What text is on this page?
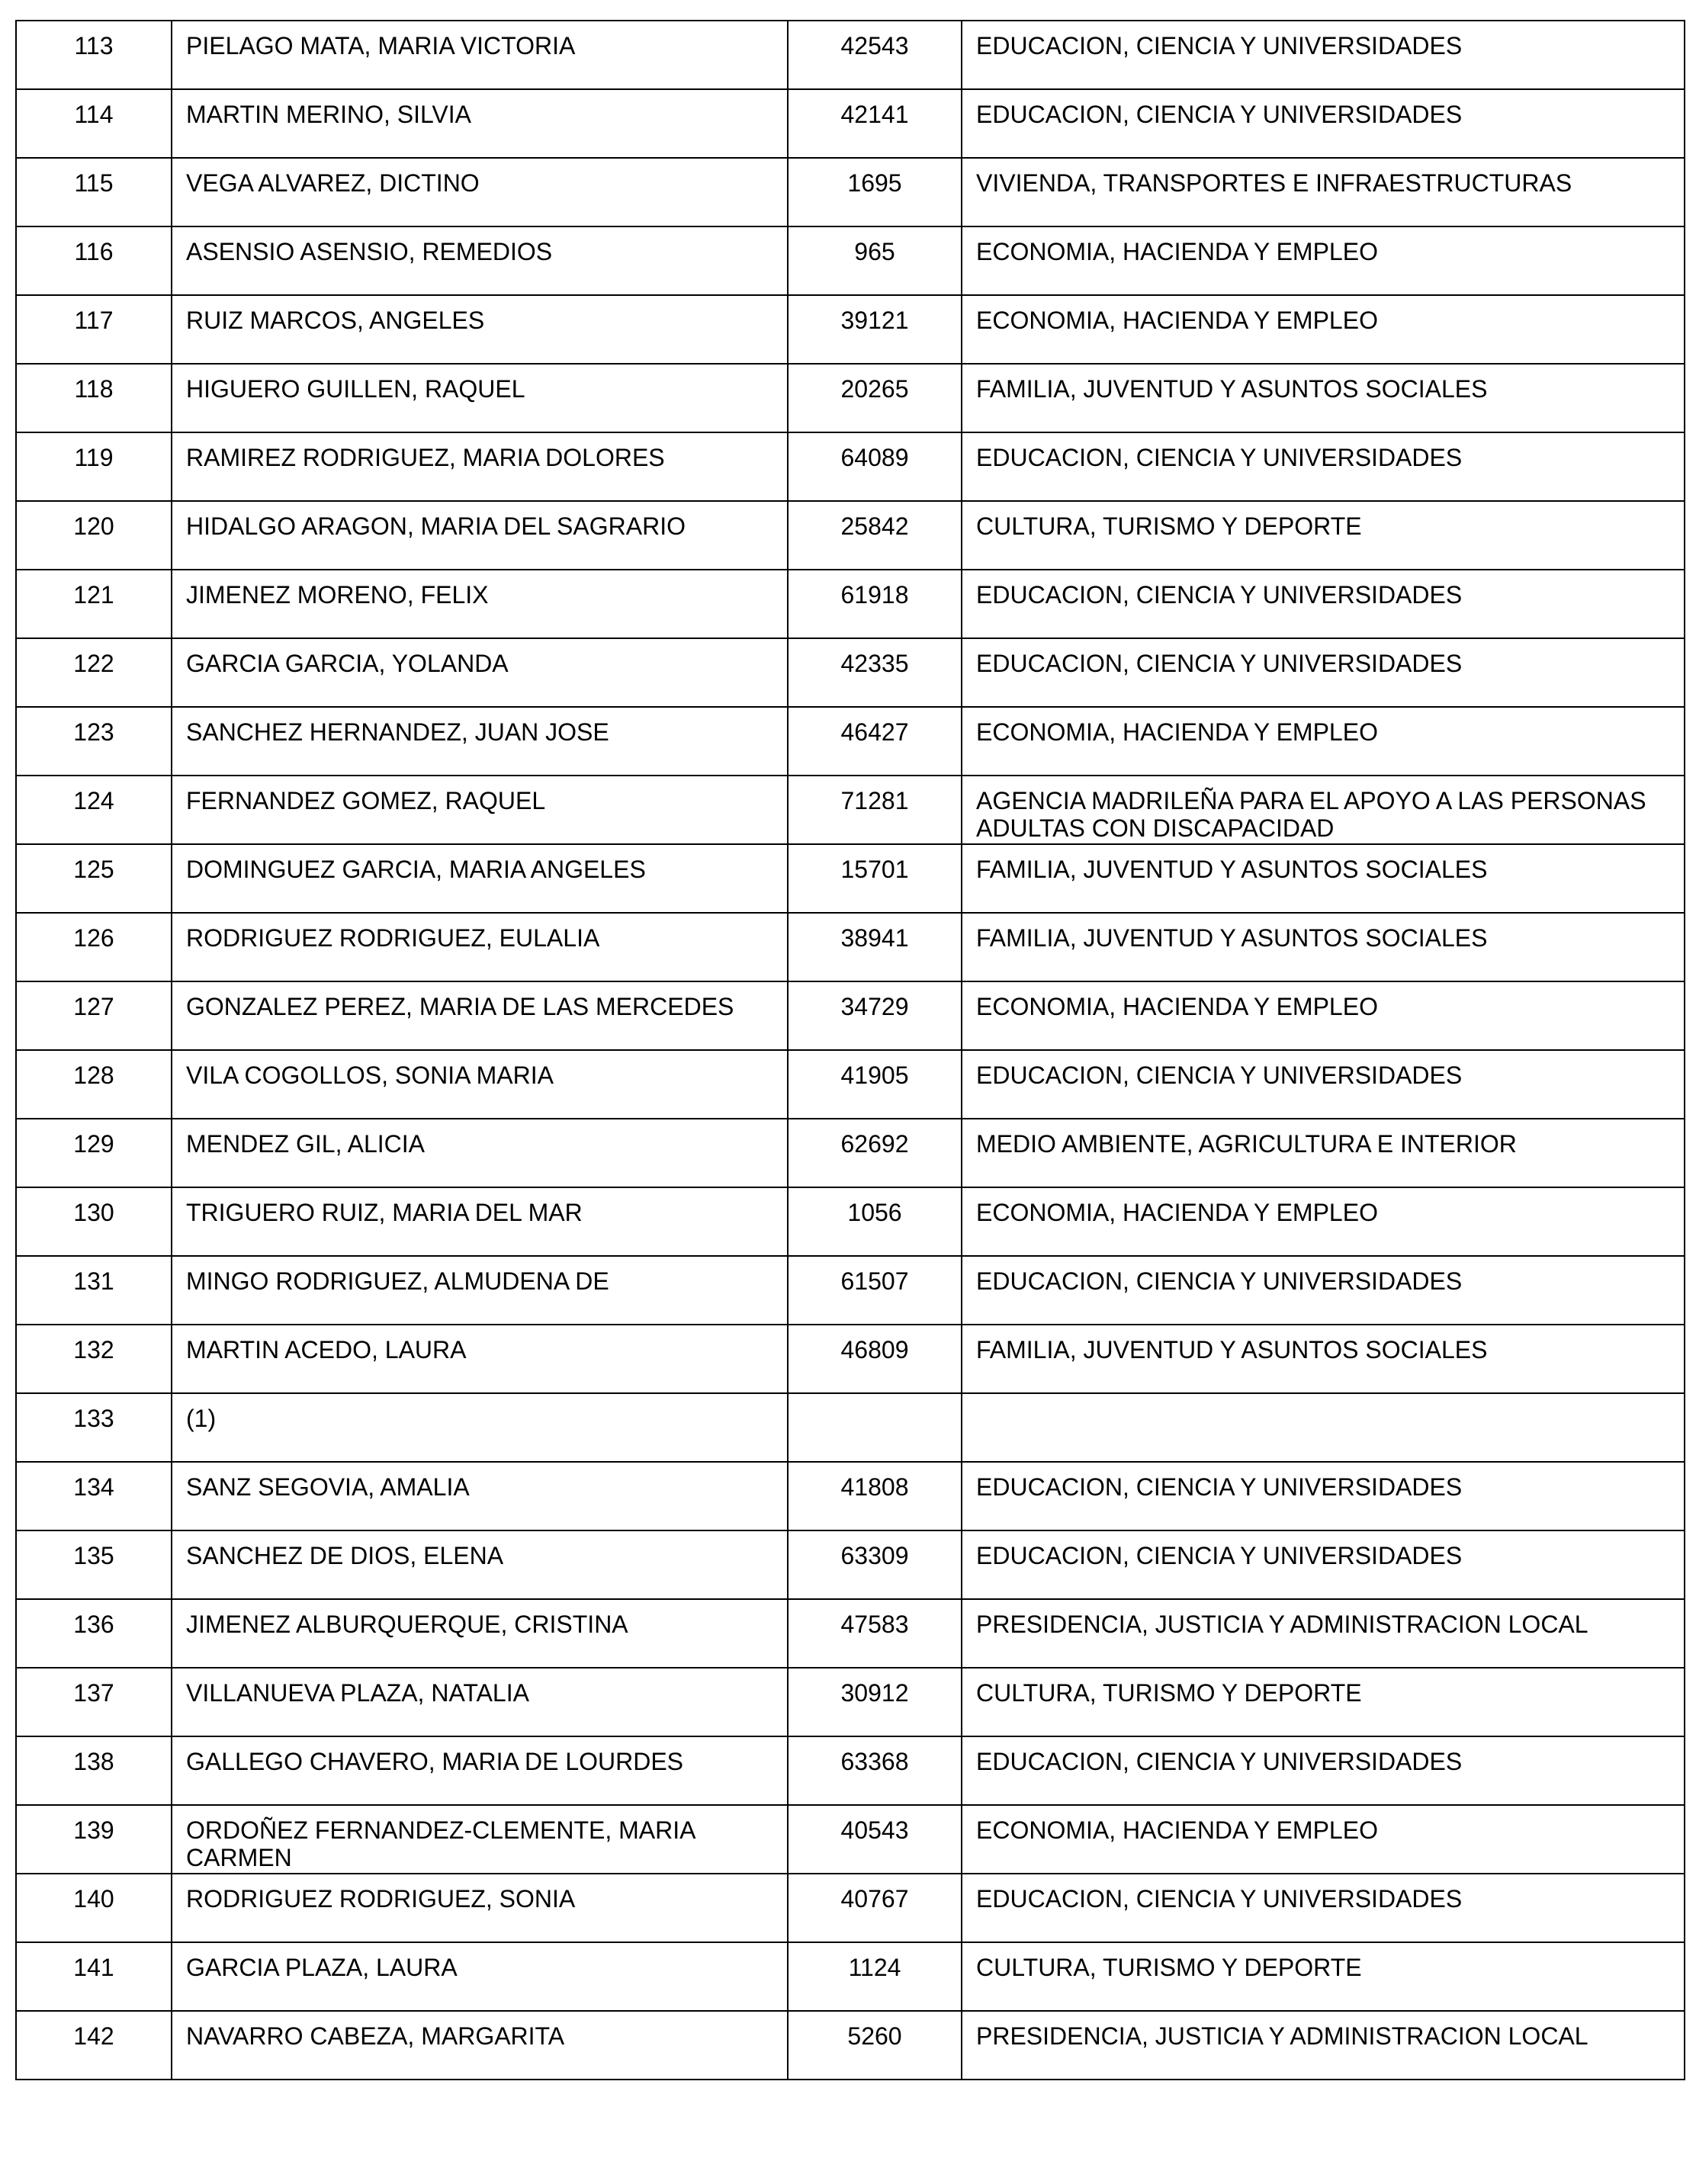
113	PIELAGO MATA, MARIA VICTORIA	42543	EDUCACION, CIENCIA Y UNIVERSIDADES
114	MARTIN MERINO, SILVIA	42141	EDUCACION, CIENCIA Y UNIVERSIDADES
115	VEGA ALVAREZ, DICTINO	1695	VIVIENDA, TRANSPORTES E INFRAESTRUCTURAS
116	ASENSIO ASENSIO, REMEDIOS	965	ECONOMIA, HACIENDA Y EMPLEO
117	RUIZ MARCOS, ANGELES	39121	ECONOMIA, HACIENDA Y EMPLEO
118	HIGUERO GUILLEN, RAQUEL	20265	FAMILIA, JUVENTUD Y ASUNTOS SOCIALES
119	RAMIREZ RODRIGUEZ, MARIA DOLORES	64089	EDUCACION, CIENCIA Y UNIVERSIDADES
120	HIDALGO ARAGON, MARIA DEL SAGRARIO	25842	CULTURA, TURISMO Y DEPORTE
121	JIMENEZ MORENO, FELIX	61918	EDUCACION, CIENCIA Y UNIVERSIDADES
122	GARCIA GARCIA, YOLANDA	42335	EDUCACION, CIENCIA Y UNIVERSIDADES
123	SANCHEZ HERNANDEZ, JUAN JOSE	46427	ECONOMIA, HACIENDA Y EMPLEO
124	FERNANDEZ GOMEZ, RAQUEL	71281	AGENCIA MADRILEÑA PARA EL APOYO A LAS PERSONAS ADULTAS CON DISCAPACIDAD
125	DOMINGUEZ GARCIA, MARIA ANGELES	15701	FAMILIA, JUVENTUD Y ASUNTOS SOCIALES
126	RODRIGUEZ RODRIGUEZ, EULALIA	38941	FAMILIA, JUVENTUD Y ASUNTOS SOCIALES
127	GONZALEZ PEREZ, MARIA DE LAS MERCEDES	34729	ECONOMIA, HACIENDA Y EMPLEO
128	VILA COGOLLOS, SONIA MARIA	41905	EDUCACION, CIENCIA Y UNIVERSIDADES
129	MENDEZ GIL, ALICIA	62692	MEDIO AMBIENTE, AGRICULTURA E INTERIOR
130	TRIGUERO RUIZ, MARIA DEL MAR	1056	ECONOMIA, HACIENDA Y EMPLEO
131	MINGO RODRIGUEZ, ALMUDENA DE	61507	EDUCACION, CIENCIA Y UNIVERSIDADES
132	MARTIN ACEDO, LAURA	46809	FAMILIA, JUVENTUD Y ASUNTOS SOCIALES
133	(1)		
134	SANZ SEGOVIA, AMALIA	41808	EDUCACION, CIENCIA Y UNIVERSIDADES
135	SANCHEZ DE DIOS, ELENA	63309	EDUCACION, CIENCIA Y UNIVERSIDADES
136	JIMENEZ ALBURQUERQUE, CRISTINA	47583	PRESIDENCIA, JUSTICIA Y ADMINISTRACION LOCAL
137	VILLANUEVA PLAZA, NATALIA	30912	CULTURA, TURISMO Y DEPORTE
138	GALLEGO CHAVERO, MARIA DE LOURDES	63368	EDUCACION, CIENCIA Y UNIVERSIDADES
139	ORDOÑEZ FERNANDEZ-CLEMENTE, MARIA CARMEN	40543	ECONOMIA, HACIENDA Y EMPLEO
140	RODRIGUEZ RODRIGUEZ, SONIA	40767	EDUCACION, CIENCIA Y UNIVERSIDADES
141	GARCIA PLAZA, LAURA	1124	CULTURA, TURISMO Y DEPORTE
142	NAVARRO CABEZA, MARGARITA	5260	PRESIDENCIA, JUSTICIA Y ADMINISTRACION LOCAL
